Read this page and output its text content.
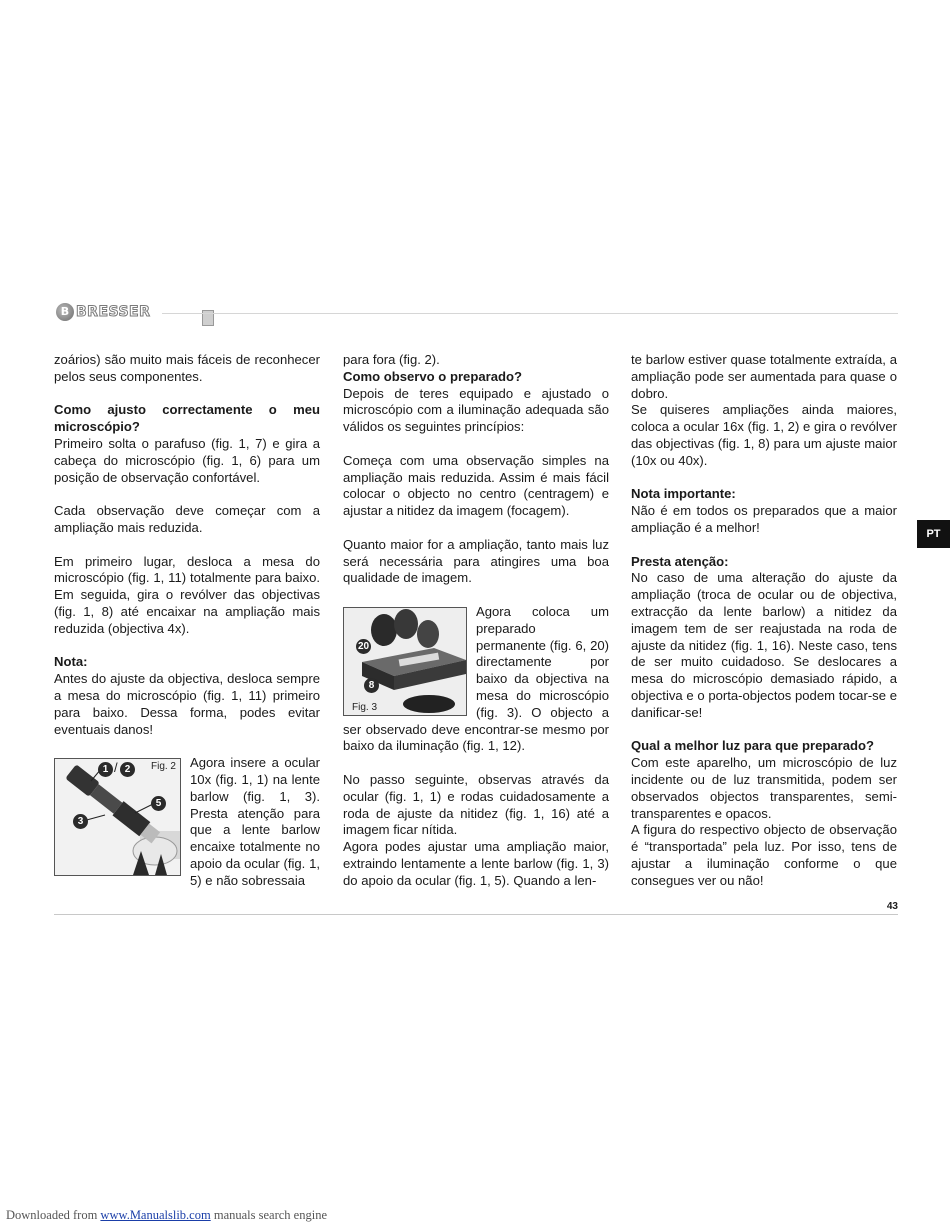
B BRESSER

zoários) são muito mais fáceis de reconhecer pelos seus componentes.

Como ajusto correctamente o meu microscópio?

Primeiro solta o parafuso (fig. 1, 7) e gira a cabeça do microscópio (fig. 1, 6) para um posição de observação confortável.

Cada observação deve começar com a ampliação mais reduzida.

Em primeiro lugar, desloca a mesa do microscópio (fig. 1, 11) totalmente para baixo. Em seguida, gira o revólver das objectivas (fig. 1, 8) até encaixar na ampliação mais reduzida (objectiva 4x).

Nota:

Antes do ajuste da objectiva, desloca sempre a mesa do microscópio (fig. 1, 11) primeiro para baixo. Dessa forma, podes evitar eventuais danos!

Fig. 2
1 / 2
5
3

Agora insere a ocular 10x (fig. 1, 1) na lente barlow (fig. 1, 3). Presta atenção para que a lente barlow encaixe totalmente no apoio da ocular (fig. 1, 5) e não sobressaia

para fora (fig. 2).

Como observo o preparado?

Depois de teres equipado e ajustado o microscópio com a iluminação adequada são válidos os seguintes princípios:

Começa com uma observação simples na ampliação mais reduzida. Assim é mais fácil colocar o objecto no centro (centragem) e ajustar a nitidez da imagem (focagem).

Quanto maior for a ampliação, tanto mais luz será necessária para atingires uma boa qualidade de imagem.

20
8
Fig. 3

Agora coloca um preparado permanente (fig. 6, 20) directamente por baixo da objectiva na mesa do microscópio (fig. 3). O objecto a ser observado deve encontrar-se mesmo por baixo da iluminação (fig. 1, 12).

No passo seguinte, observas através da ocular (fig. 1, 1) e rodas cuidadosamente a roda de ajuste da nitidez (fig. 1, 16) até a imagem ficar nítida.

Agora podes ajustar uma ampliação maior, extraindo lentamente a lente barlow (fig. 1, 3) do apoio da ocular (fig. 1, 5). Quando a len-

te barlow estiver quase totalmente extraída, a ampliação pode ser aumentada para quase o dobro.

Se quiseres ampliações ainda maiores, coloca a ocular 16x (fig. 1, 2) e gira o revólver das objectivas (fig. 1, 8) para um ajuste maior (10x ou 40x).

Nota importante:

Não é em todos os preparados que a maior ampliação é a melhor!

Presta atenção:

No caso de uma alteração do ajuste da ampliação (troca de ocular ou de objectiva, extracção da lente barlow) a nitidez da imagem tem de ser reajustada na roda de ajuste da nitidez (fig. 1, 16). Neste caso, tens de ser muito cuidadoso. Se deslocares a mesa do microscópio demasiado rápido, a objectiva e o porta-objectos podem tocar-se e danificar-se!

Qual a melhor luz para que preparado?

Com este aparelho, um microscópio de luz incidente ou de luz transmitida, podem ser observados objectos transparentes, semi-transparentes e opacos.

A figura do respectivo objecto de observação é “transportada” pela luz. Por isso, tens de ajustar a iluminação conforme o que consegues ver ou não!

PT
43
Downloaded from www.Manualslib.com manuals search engine
